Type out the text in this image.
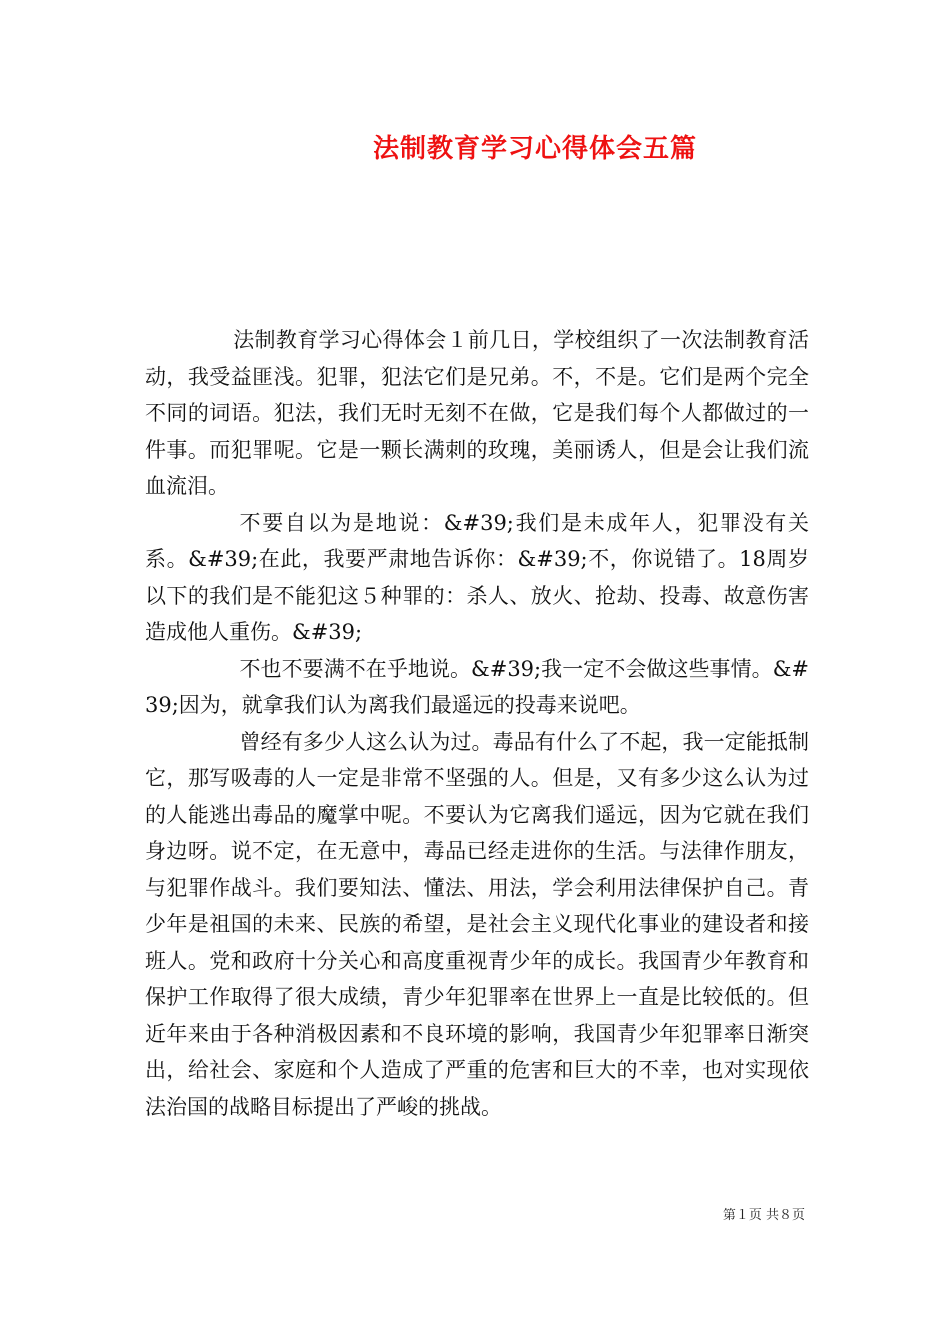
法制教育学习心得体会五篇

法制教育学习心得体会１前几日，学校组织了一次法制教育活动，我受益匪浅。犯罪，犯法它们是兄弟。不，不是。它们是两个完全不同的词语。犯法，我们无时无刻不在做，它是我们每个人都做过的一件事。而犯罪呢。它是一颗长满刺的玫瑰，美丽诱人，但是会让我们流血流泪。

不要自以为是地说：&#39;我们是未成年人，犯罪没有关系。&#39;在此，我要严肃地告诉你：&#39;不，你说错了。18周岁以下的我们是不能犯这５种罪的：杀人、放火、抢劫、投毒、故意伤害造成他人重伤。&#39;

不也不要满不在乎地说。&#39;我一定不会做这些事情。&#39;因为，就拿我们认为离我们最遥远的投毒来说吧。

曾经有多少人这么认为过。毒品有什么了不起，我一定能抵制它，那写吸毒的人一定是非常不坚强的人。但是，又有多少这么认为过的人能逃出毒品的魔掌中呢。不要认为它离我们遥远，因为它就在我们身边呀。说不定，在无意中，毒品已经走进你的生活。与法律作朋友，与犯罪作战斗。我们要知法、懂法、用法，学会利用法律保护自己。青少年是祖国的未来、民族的希望，是社会主义现代化事业的建设者和接班人。党和政府十分关心和高度重视青少年的成长。我国青少年教育和保护工作取得了很大成绩，青少年犯罪率在世界上一直是比较低的。但近年来由于各种消极因素和不良环境的影响，我国青少年犯罪率日渐突出，给社会、家庭和个人造成了严重的危害和巨大的不幸，也对实现依法治国的战略目标提出了严峻的挑战。

第１页 共８页
